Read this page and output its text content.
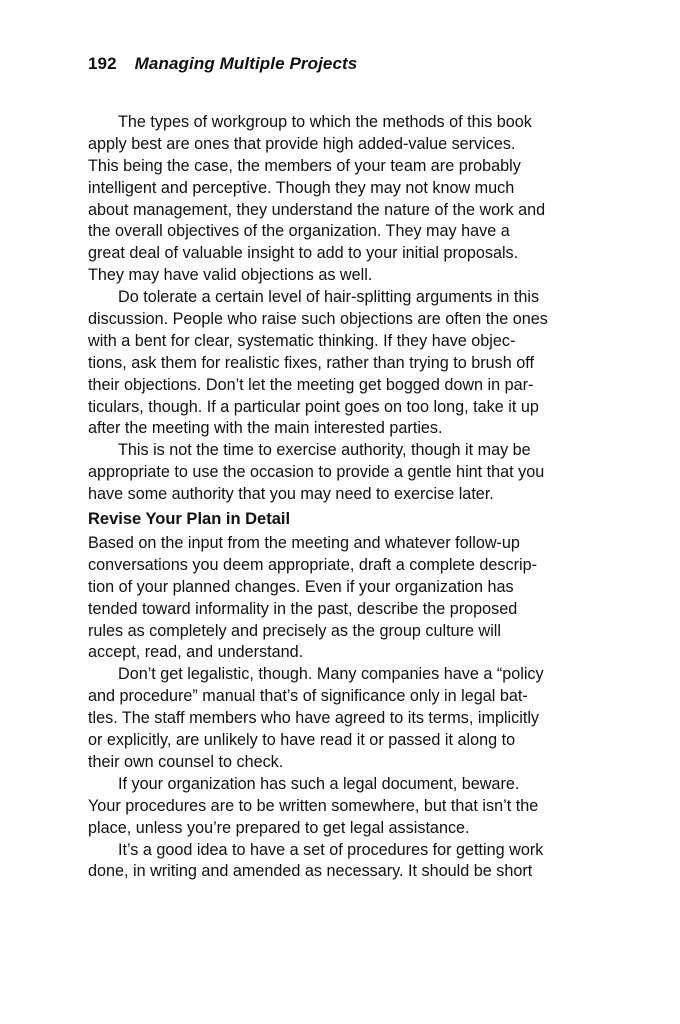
192 Managing Multiple Projects
The types of workgroup to which the methods of this book
apply best are ones that provide high added-value services.
This being the case, the members of your team are probably
intelligent and perceptive. Though they may not know much
about management, they understand the nature of the work and
the overall objectives of the organization. They may have a
great deal of valuable insight to add to your initial proposals.
They may have valid objections as well.
Do tolerate a certain level of hair-splitting arguments in this
discussion. People who raise such objections are often the ones
with a bent for clear, systematic thinking. If they have objec-
tions, ask them for realistic fixes, rather than trying to brush off
their objections. Don’t let the meeting get bogged down in par-
ticulars, though. If a particular point goes on too long, take it up
after the meeting with the main interested parties.
This is not the time to exercise authority, though it may be
appropriate to use the occasion to provide a gentle hint that you
have some authority that you may need to exercise later.
Revise Your Plan in Detail
Based on the input from the meeting and whatever follow-up
conversations you deem appropriate, draft a complete descrip-
tion of your planned changes. Even if your organization has
tended toward informality in the past, describe the proposed
rules as completely and precisely as the group culture will
accept, read, and understand.
Don’t get legalistic, though. Many companies have a “policy
and procedure” manual that’s of significance only in legal bat-
tles. The staff members who have agreed to its terms, implicitly
or explicitly, are unlikely to have read it or passed it along to
their own counsel to check.
If your organization has such a legal document, beware.
Your procedures are to be written somewhere, but that isn’t the
place, unless you’re prepared to get legal assistance.
It’s a good idea to have a set of procedures for getting work
done, in writing and amended as necessary. It should be short
